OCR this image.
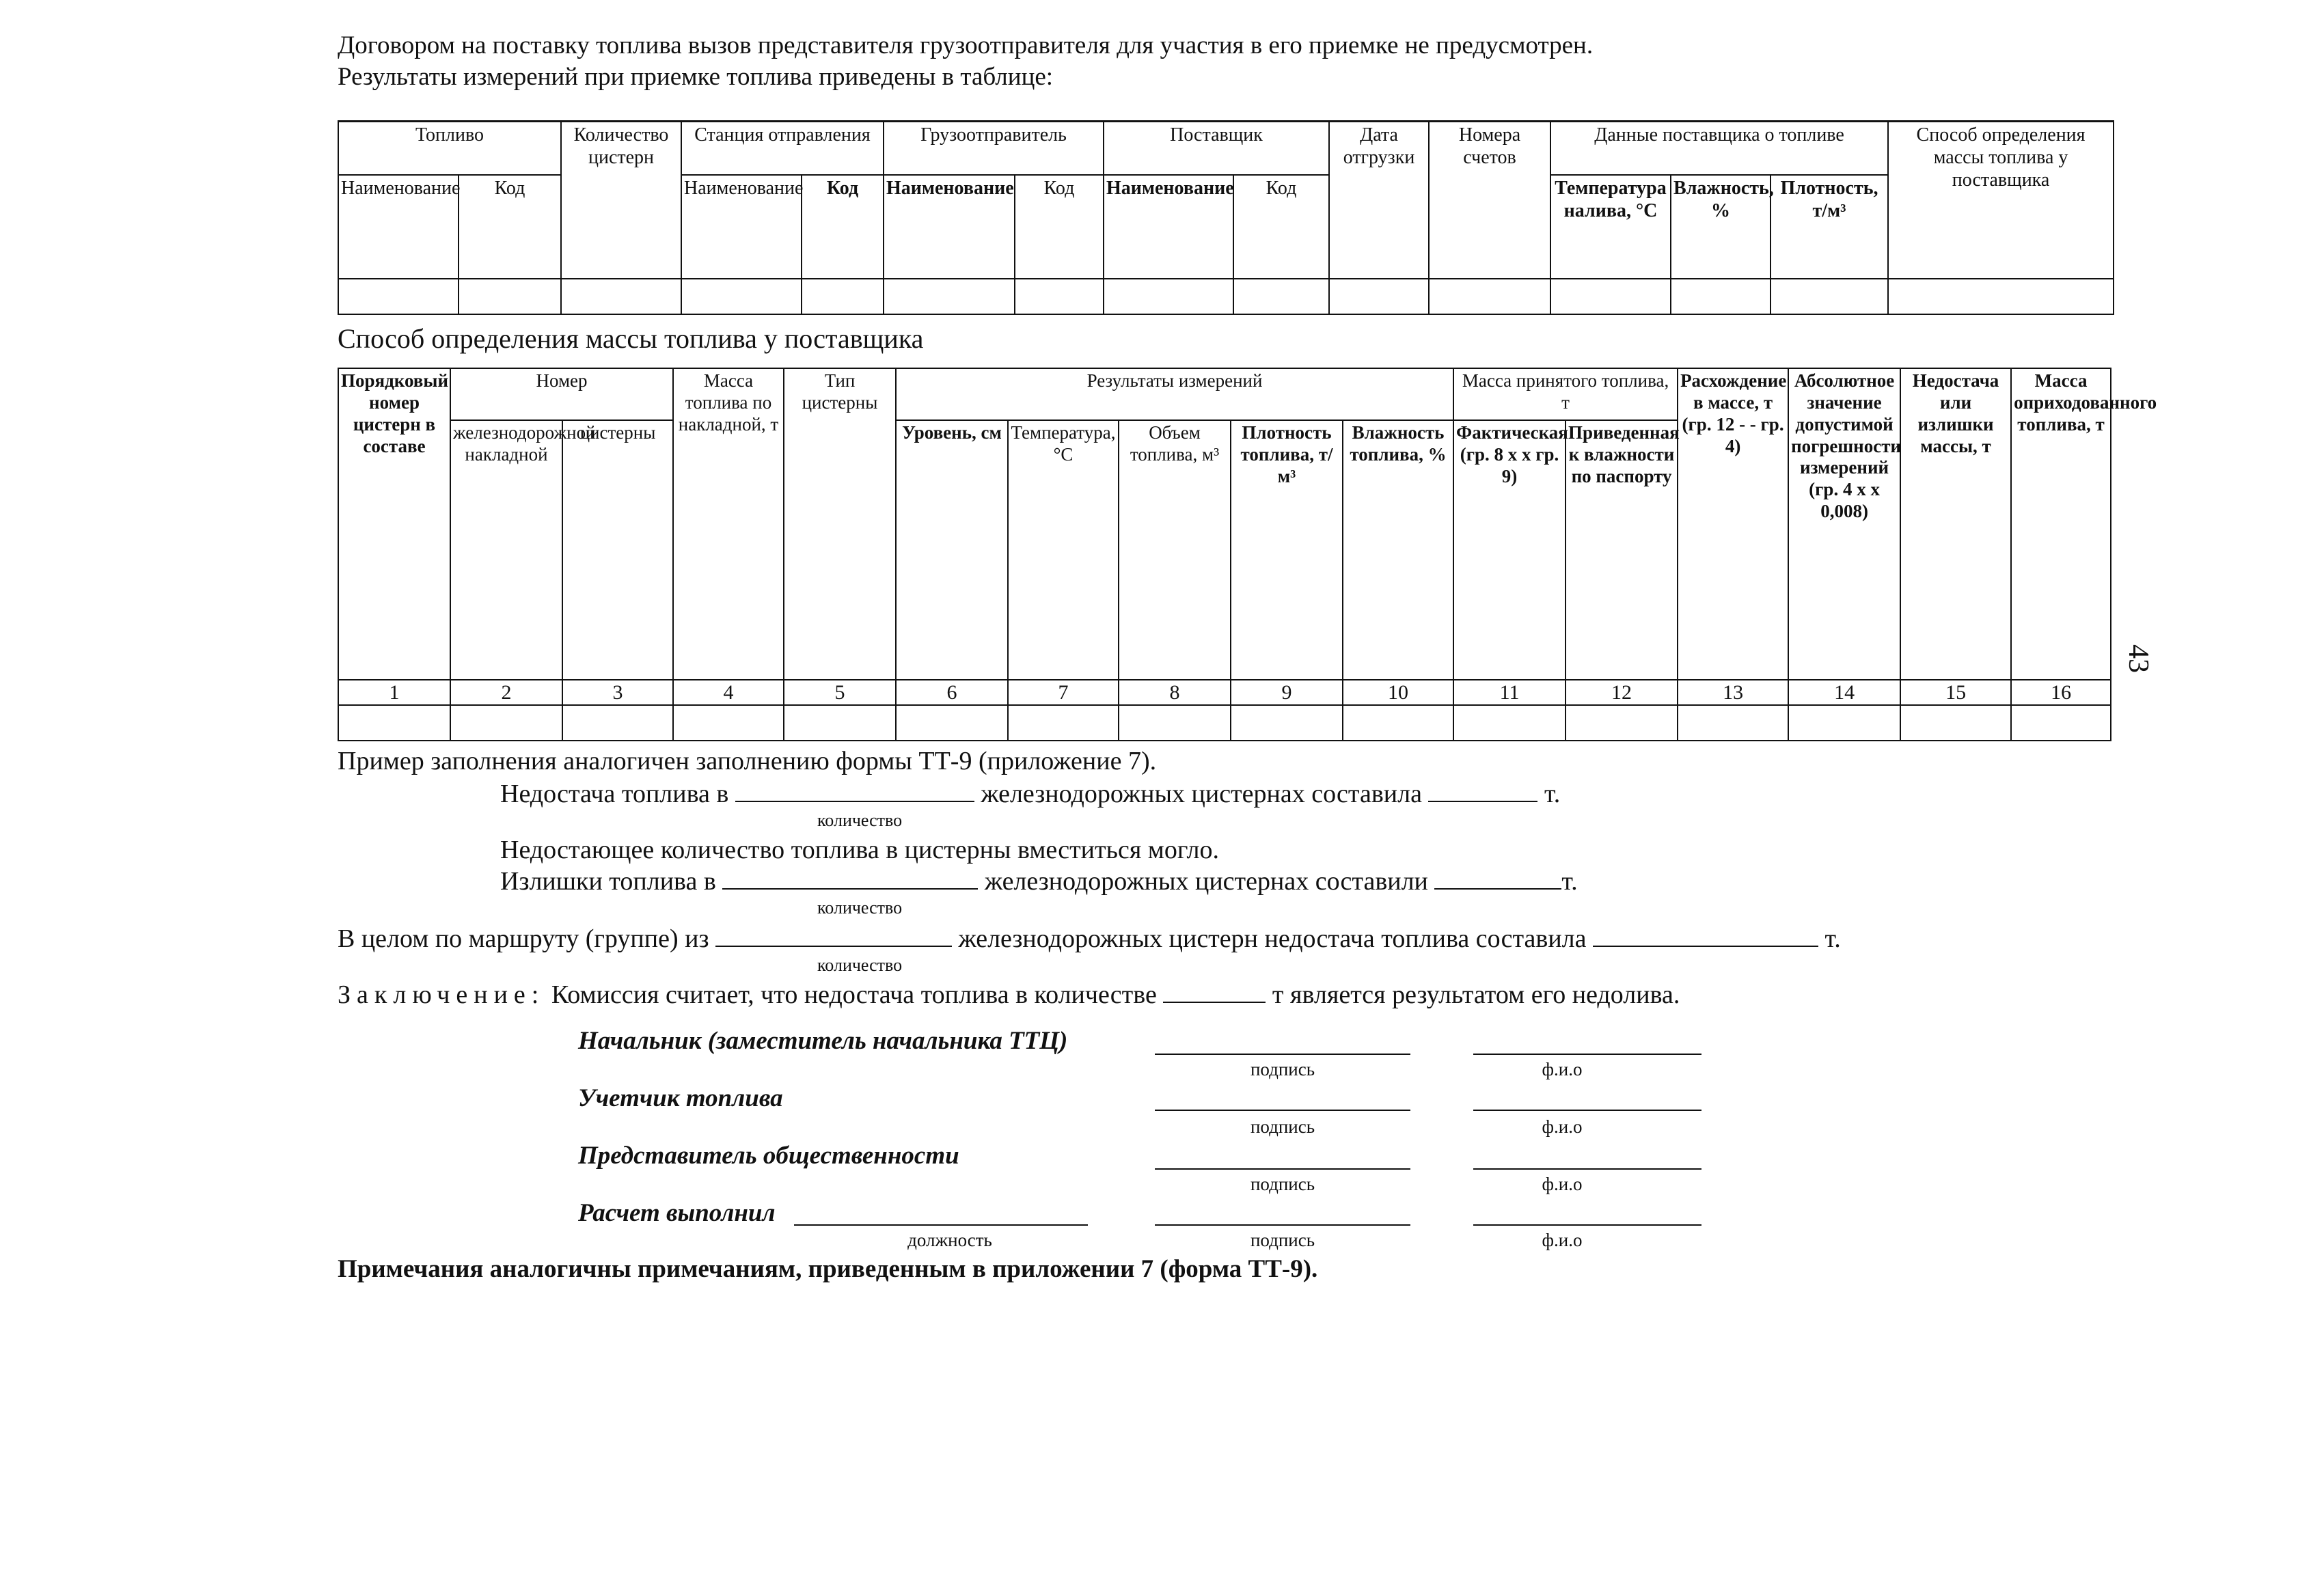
Договором на поставку топлива вызов представителя грузоотправителя для участия в его приемке не предусмотрен.
Результаты измерений при приемке топлива приведены в таблице:
Топливо		Количество цистерн	Станция отправления		Грузоотправитель		Поставщик		Дата отгрузки	Номера счетов	Данные поставщика о топливе			Способ определения массы топлива у поставщика
Наименование	Код		Наименование	Код	Наименование	Код	Наименование	Код			Температура налива, °С	Влажность, %	Плотность, т/м³	

Способ определения массы топлива у поставщика
Порядковый номер цистерн в составе	Номер		Масса топлива по накладной, т	Тип цистерны	Результаты измерений					Масса принятого топлива, т		Расхождение в массе, т (гр. 12 - - гр. 4)	Абсолютное значение допустимой погрешности измерений (гр. 4 х х 0,008)	Недостача или излишки массы, т	Масса оприходованного топлива, т
	железнодорожной накладной	цистерны			Уровень, см	Температура, °С	Объем топлива, м³	Плотность топлива, т/м³	Влажность топлива, %	Фактическая (гр. 8 х х гр. 9)	Приведенная к влажности по паспорту				
1	2	3	4	5	6	7	8	9	10	11	12	13	14	15	16

Пример заполнения аналогичен заполнению формы ТТ-9 (приложение 7).
Недостача топлива в	железнодорожных цистернах составила	т.
количество
Недостающее количество топлива в цистерны вместиться могло.
Излишки топлива в	железнодорожных цистернах составили	т.
количество
В целом по маршруту (группе) из	железнодорожных цистерн недостача топлива составила	т.
количество
Заключение: Комиссия считает, что недостача топлива в количестве	т является результатом его недолива.
Начальник (заместитель начальника ТТЦ)
подпись	ф.и.о
Учетчик топлива
подпись	ф.и.о
Представитель общественности
подпись	ф.и.о
Расчет выполнил
должность	подпись	ф.и.о
Примечания аналогичны примечаниям, приведенным в приложении 7 (форма ТТ-9).
43
